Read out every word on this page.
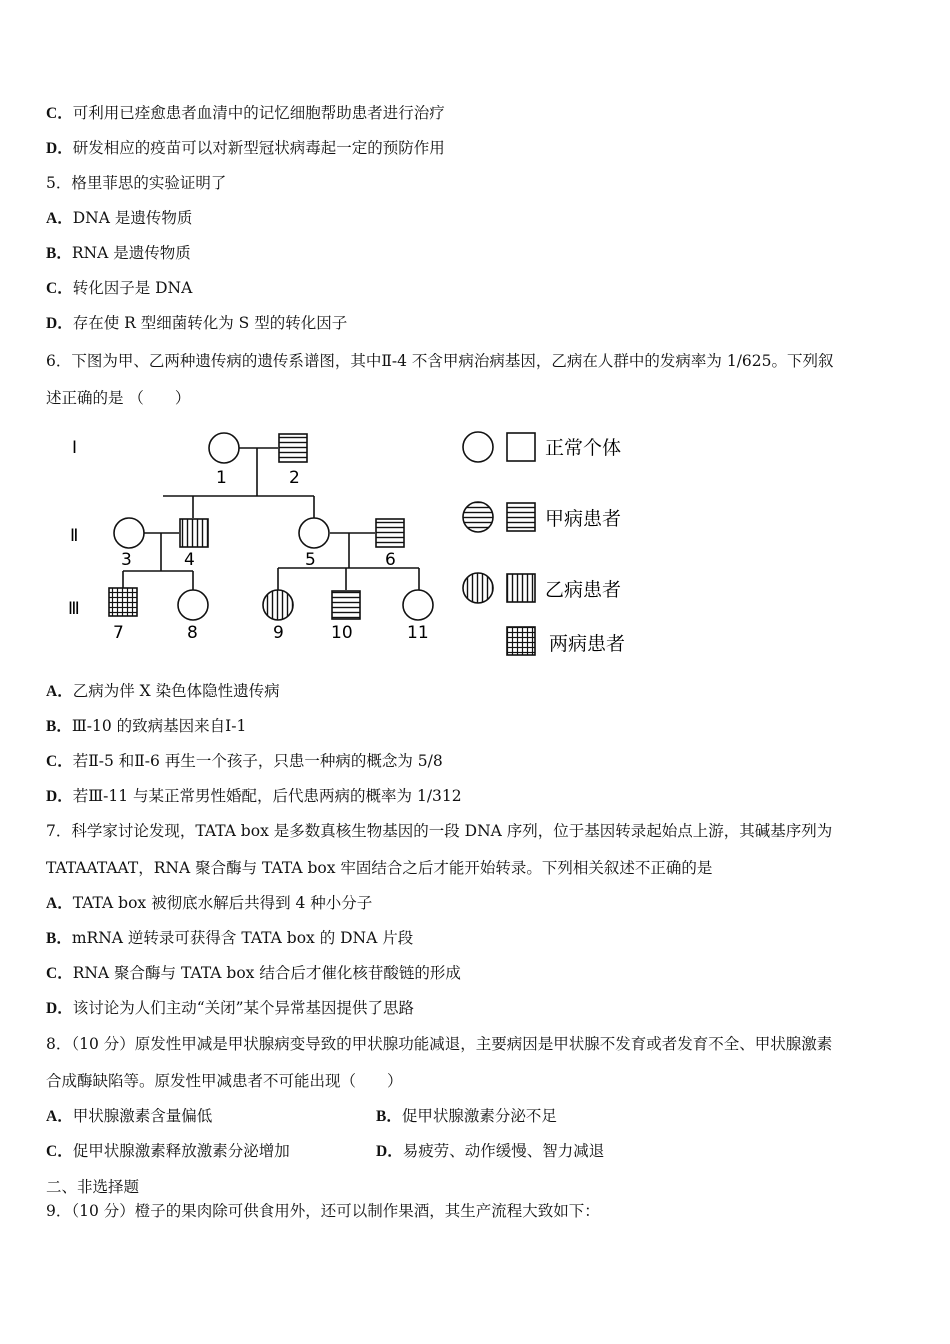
C．可利用已痊愈患者血清中的记忆细胞帮助患者进行治疗
D．研发相应的疫苗可以对新型冠状病毒起一定的预防作用
5．格里菲思的实验证明了
A．DNA 是遗传物质
B．RNA 是遗传物质
C．转化因子是 DNA
D．存在使 R 型细菌转化为 S 型的转化因子
6．下图为甲、乙两种遗传病的遗传系谱图，其中Ⅱ-4 不含甲病治病基因，乙病在人群中的发病率为 1/625。下列叙
述正确的是 （　　）
Ⅰ
Ⅱ
Ⅲ
1	2
3	4	5	6
7	8	9	10	11
正常个体
甲病患者
乙病患者
两病患者
A．乙病为伴 X 染色体隐性遗传病
B．Ⅲ-10 的致病基因来自Ⅰ-1
C．若Ⅱ-5 和Ⅱ-6 再生一个孩子，只患一种病的概念为 5/8
D．若Ⅲ-11 与某正常男性婚配，后代患两病的概率为 1/312
7．科学家讨论发现，TATA box 是多数真核生物基因的一段 DNA 序列，位于基因转录起始点上游，其碱基序列为
TATAATAAT，RNA 聚合酶与 TATA box 牢固结合之后才能开始转录。下列相关叙述不正确的是
A．TATA box 被彻底水解后共得到 4 种小分子
B．mRNA 逆转录可获得含 TATA box 的 DNA 片段
C．RNA 聚合酶与 TATA box 结合后才催化核苷酸链的形成
D．该讨论为人们主动“关闭”某个异常基因提供了思路
8．（10 分）原发性甲减是甲状腺病变导致的甲状腺功能减退，主要病因是甲状腺不发育或者发育不全、甲状腺激素
合成酶缺陷等。原发性甲减患者不可能出现（　　）
A．甲状腺激素含量偏低	B．促甲状腺激素分泌不足
C．促甲状腺激素释放激素分泌增加	D．易疲劳、动作缓慢、智力减退
二、非选择题
9．（10 分）橙子的果肉除可供食用外，还可以制作果酒，其生产流程大致如下：
